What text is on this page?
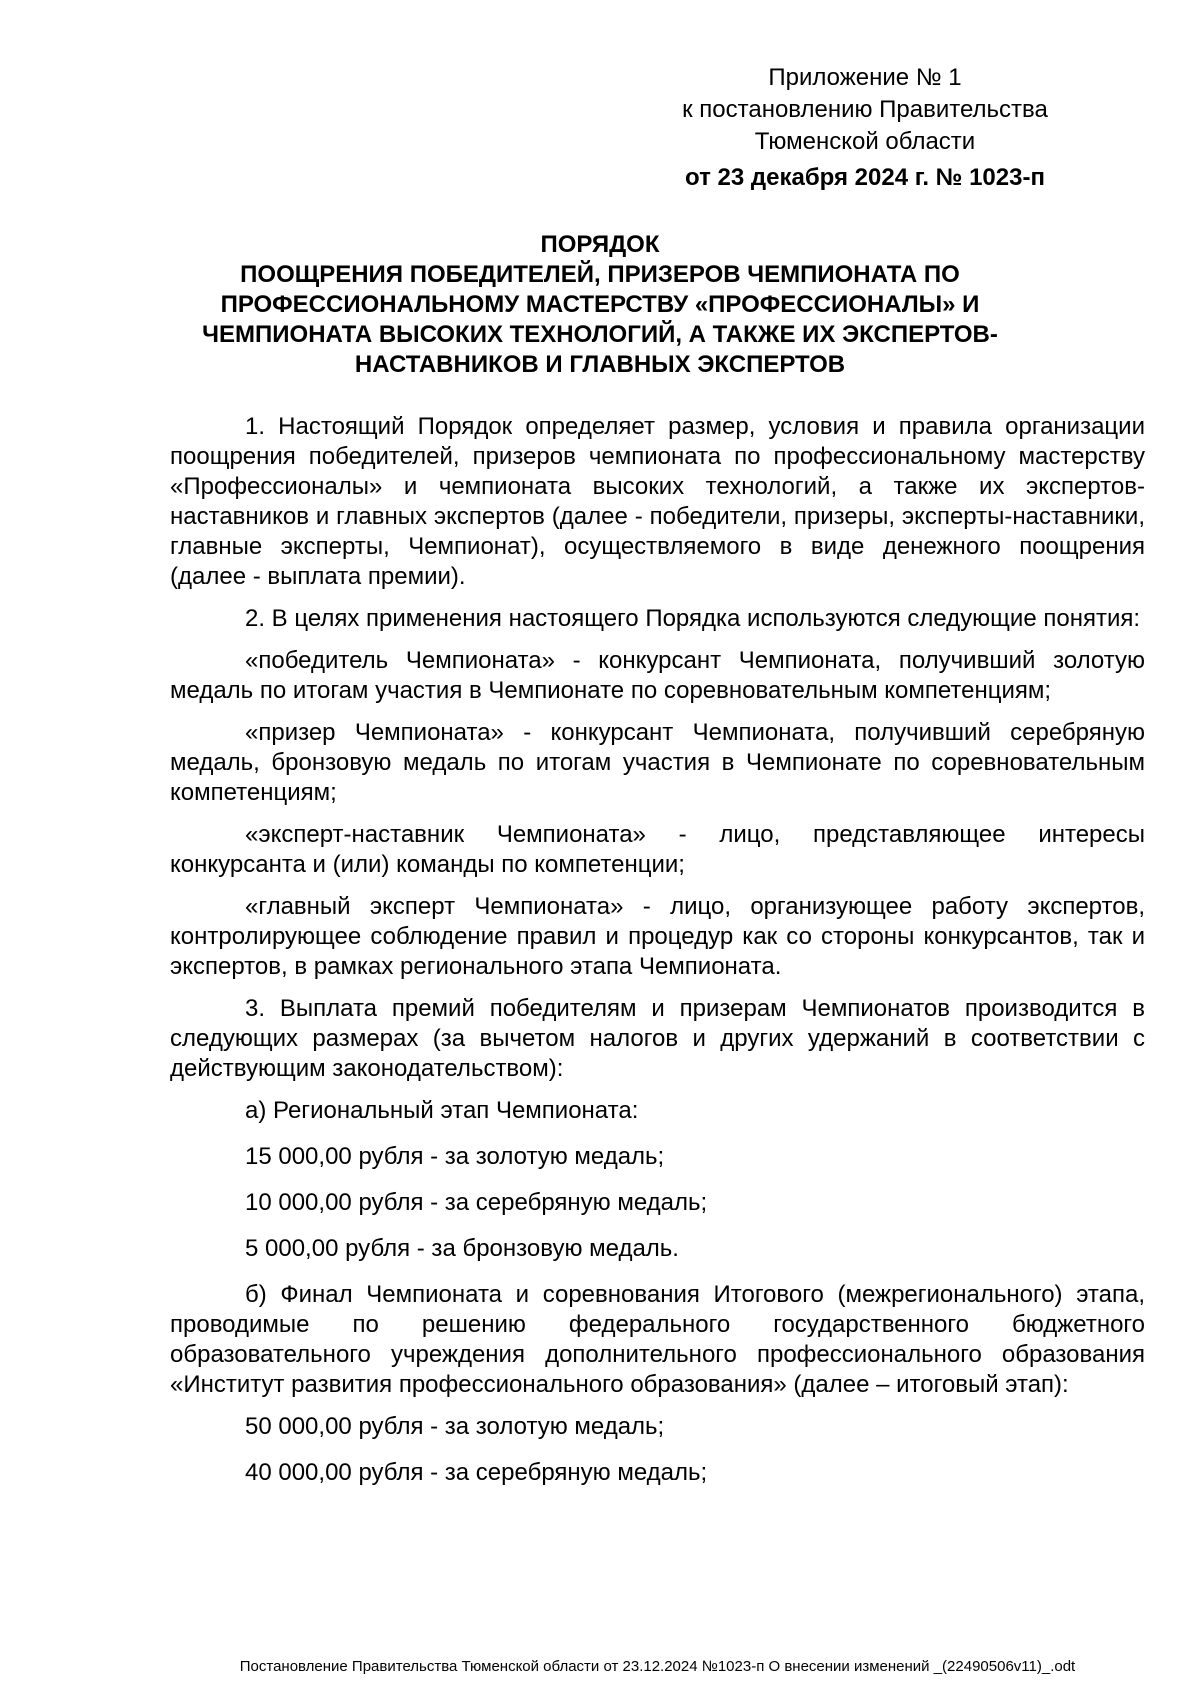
Приложение № 1
к постановлению Правительства
Тюменской области
от 23 декабря 2024 г. № 1023-п
ПОРЯДОК
ПООЩРЕНИЯ ПОБЕДИТЕЛЕЙ, ПРИЗЕРОВ ЧЕМПИОНАТА ПО
ПРОФЕССИОНАЛЬНОМУ МАСТЕРСТВУ «ПРОФЕССИОНАЛЫ» И
ЧЕМПИОНАТА ВЫСОКИХ ТЕХНОЛОГИЙ, А ТАКЖЕ ИХ ЭКСПЕРТОВ-
НАСТАВНИКОВ И ГЛАВНЫХ ЭКСПЕРТОВ

1. Настоящий Порядок определяет размер, условия и правила организации поощрения победителей, призеров чемпионата по профессиональному мастерству «Профессионалы» и чемпионата высоких технологий, а также их экспертов-наставников и главных экспертов (далее - победители, призеры, эксперты-наставники, главные эксперты, Чемпионат), осуществляемого в виде денежного поощрения (далее - выплата премии).

2. В целях применения настоящего Порядка используются следующие понятия:

«победитель Чемпионата» - конкурсант Чемпионата, получивший золотую медаль по итогам участия в Чемпионате по соревновательным компетенциям;

«призер Чемпионата» - конкурсант Чемпионата, получивший серебряную медаль, бронзовую медаль по итогам участия в Чемпионате по соревновательным компетенциям;

«эксперт-наставник Чемпионата» - лицо, представляющее интересы конкурсанта и (или) команды по компетенции;

«главный эксперт Чемпионата» - лицо, организующее работу экспертов, контролирующее соблюдение правил и процедур как со стороны конкурсантов, так и экспертов, в рамках регионального этапа Чемпионата.

3. Выплата премий победителям и призерам Чемпионатов производится в следующих размерах (за вычетом налогов и других удержаний в соответствии с действующим законодательством):

а) Региональный этап Чемпионата:

15 000,00 рубля - за золотую медаль;

10 000,00 рубля - за серебряную медаль;

5 000,00 рубля - за бронзовую медаль.

б) Финал Чемпионата и соревнования Итогового (межрегионального) этапа, проводимые по решению федерального государственного бюджетного образовательного учреждения дополнительного профессионального образования «Институт развития профессионального образования» (далее – итоговый этап):

50 000,00 рубля - за золотую медаль;

40 000,00 рубля - за серебряную медаль;

Постановление Правительства Тюменской области от 23.12.2024 №1023-п О внесении изменений _(22490506v11)_.odt
